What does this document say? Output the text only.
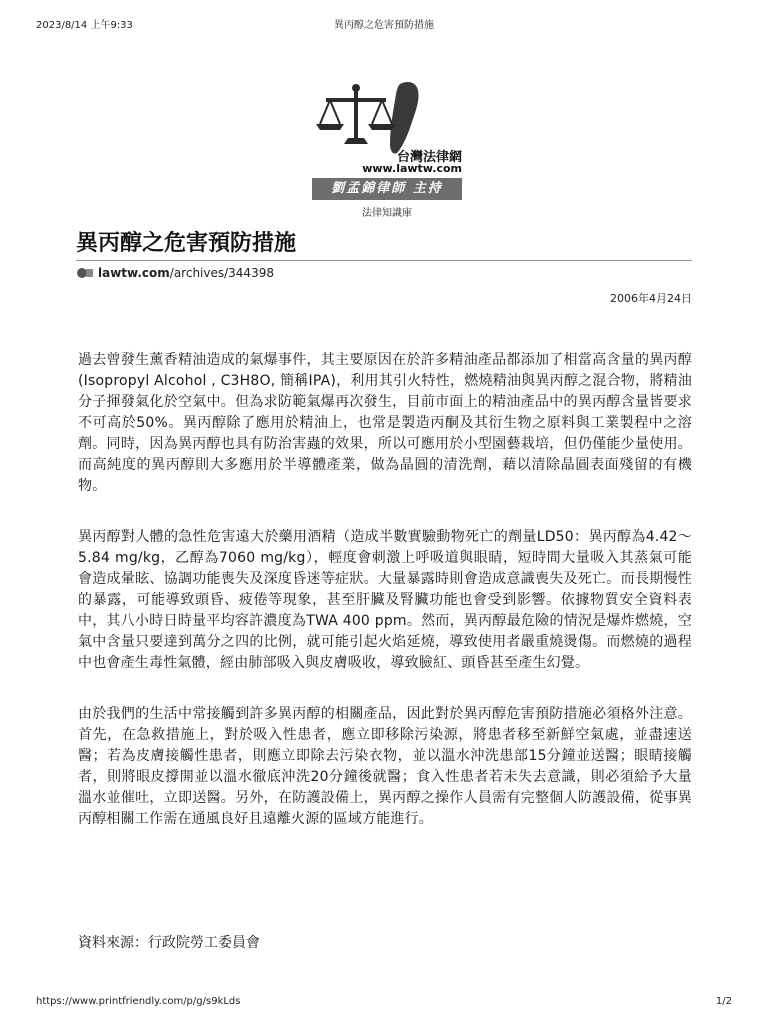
2023/8/14 上午9:33	異丙醇之危害預防措施
台灣法律網
www.lawtw.com
劉孟錦律師 主持
法律知識庫
異丙醇之危害預防措施
lawtw.com/archives/344398
2006年4月24日

過去曾發生薰香精油造成的氣爆事件，其主要原因在於許多精油產品都添加了相當高含量的異丙醇(Isopropyl Alcohol , C3H8O, 簡稱IPA)，利用其引火特性，燃燒精油與異丙醇之混合物，將精油分子揮發氣化於空氣中。但為求防範氣爆再次發生，目前市面上的精油產品中的異丙醇含量皆要求不可高於50%。異丙醇除了應用於精油上，也常是製造丙酮及其衍生物之原料與工業製程中之溶劑。同時，因為異丙醇也具有防治害蟲的效果，所以可應用於小型園藝栽培，但仍僅能少量使用。而高純度的異丙醇則大多應用於半導體產業，做為晶圓的清洗劑，藉以清除晶圓表面殘留的有機物。

異丙醇對人體的急性危害遠大於藥用酒精（造成半數實驗動物死亡的劑量LD50：異丙醇為4.42～5.84 mg/kg，乙醇為7060 mg/kg），輕度會刺激上呼吸道與眼睛，短時間大量吸入其蒸氣可能會造成暈眩、協調功能喪失及深度昏迷等症狀。大量暴露時則會造成意識喪失及死亡。而長期慢性的暴露，可能導致頭昏、疲倦等現象，甚至肝臟及腎臟功能也會受到影響。依據物質安全資料表中，其八小時日時量平均容許濃度為TWA 400 ppm。然而，異丙醇最危險的情況是爆炸燃燒，空氣中含量只要達到萬分之四的比例，就可能引起火焰延燒，導致使用者嚴重燒燙傷。而燃燒的過程中也會產生毒性氣體，經由肺部吸入與皮膚吸收，導致臉紅、頭昏甚至產生幻覺。

由於我們的生活中常接觸到許多異丙醇的相關產品，因此對於異丙醇危害預防措施必須格外注意。首先，在急救措施上，對於吸入性患者，應立即移除污染源，將患者移至新鮮空氣處，並盡速送醫；若為皮膚接觸性患者，則應立即除去污染衣物，並以溫水沖洗患部15分鐘並送醫；眼睛接觸者，則將眼皮撐開並以溫水徹底沖洗20分鐘後就醫；食入性患者若未失去意識，則必須給予大量溫水並催吐，立即送醫。另外，在防護設備上，異丙醇之操作人員需有完整個人防護設備，從事異丙醇相關工作需在通風良好且遠離火源的區域方能進行。

資料來源：行政院勞工委員會
https://www.printfriendly.com/p/g/s9kLds	1/2
